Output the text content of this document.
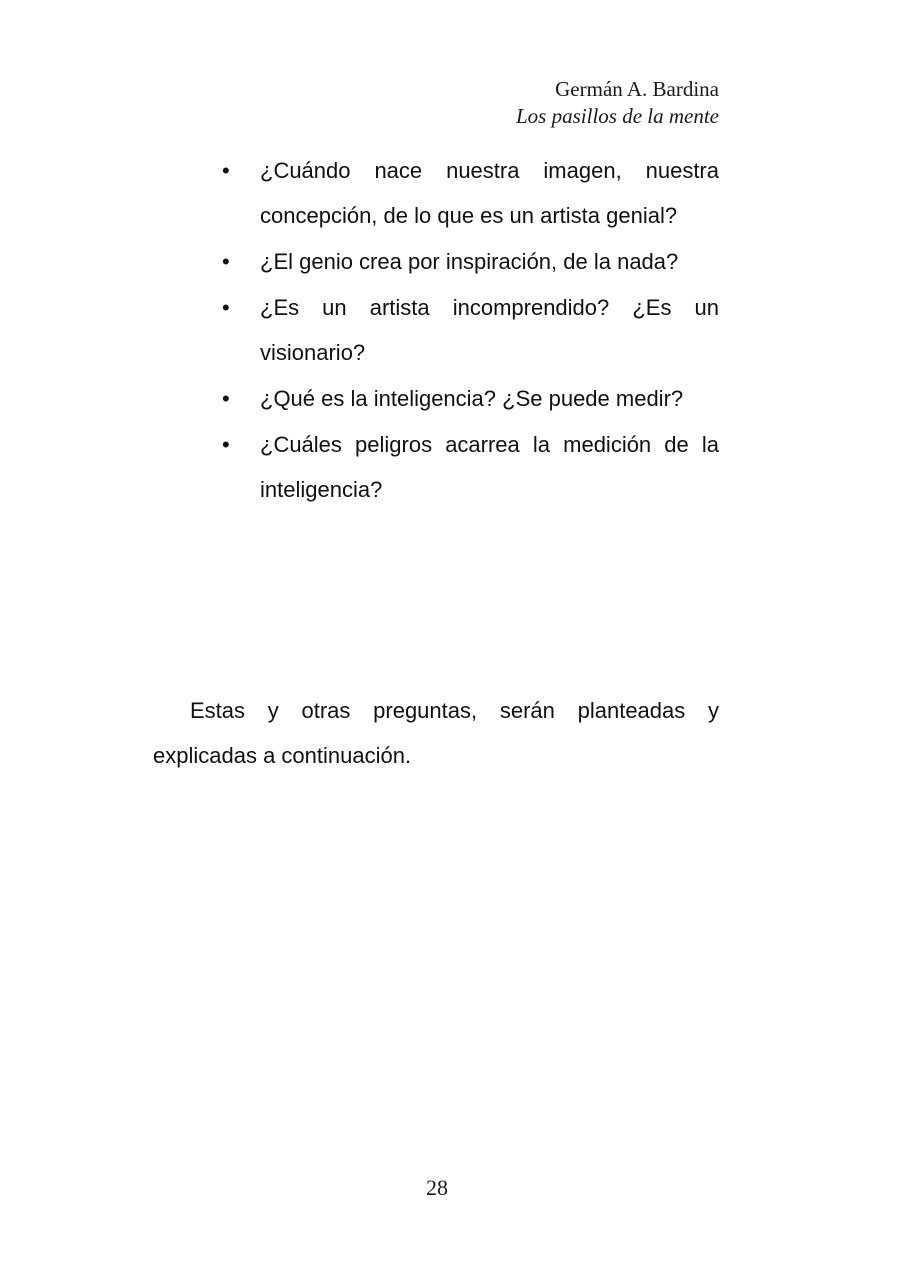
Germán A. Bardina
Los pasillos de la mente
• ¿Cuándo nace nuestra imagen, nuestra concepción, de lo que es un artista genial?
• ¿El genio crea por inspiración, de la nada?
• ¿Es un artista incomprendido? ¿Es un visionario?
• ¿Qué es la inteligencia? ¿Se puede medir?
• ¿Cuáles peligros acarrea la medición de la inteligencia?

Estas y otras preguntas, serán planteadas y explicadas a continuación.

28
